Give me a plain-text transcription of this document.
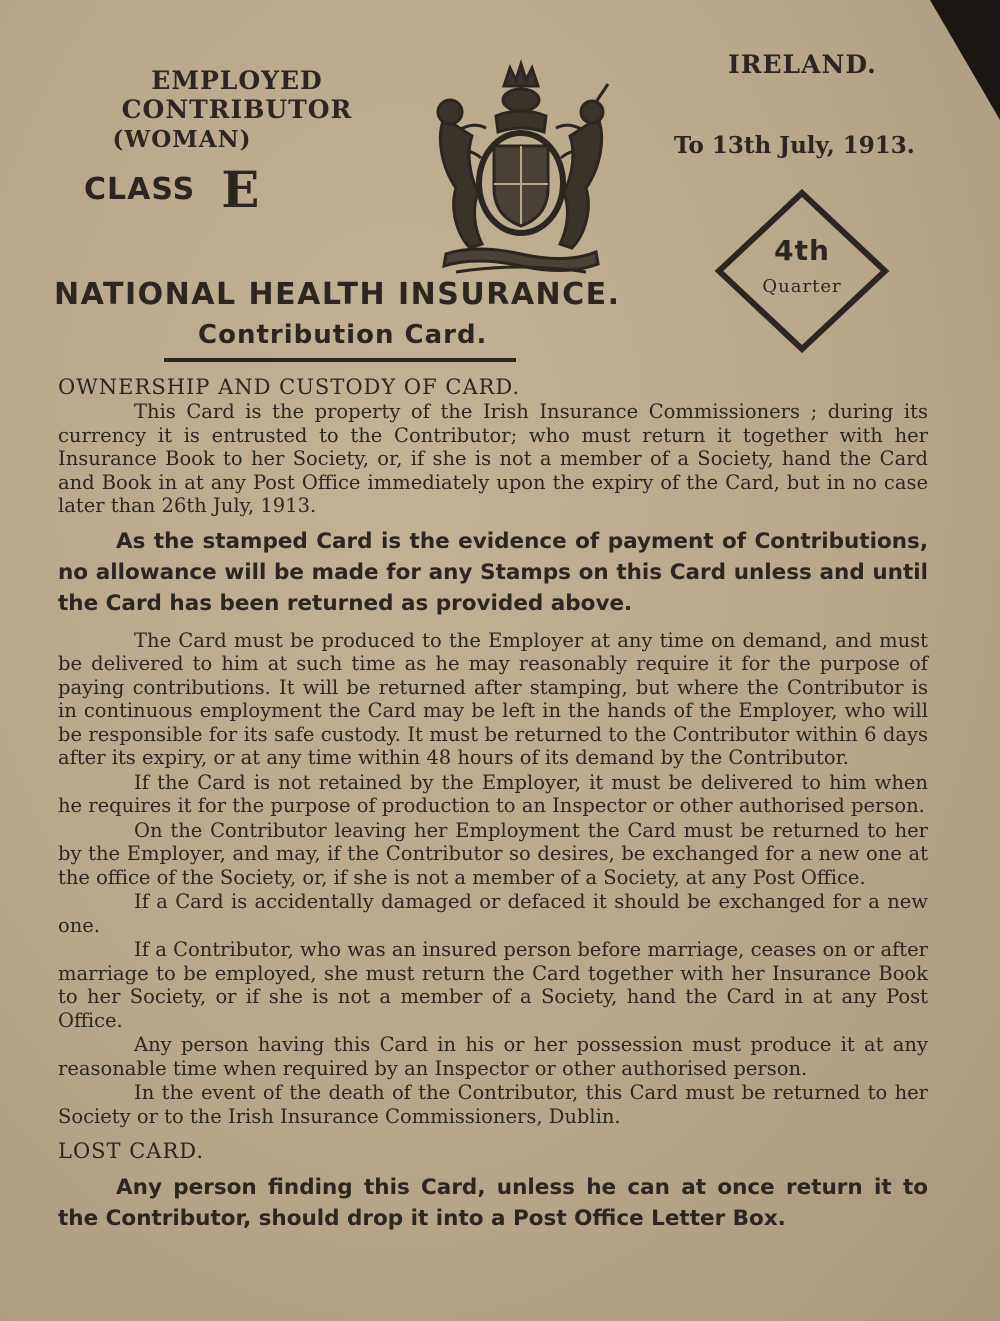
EMPLOYED CONTRIBUTOR
(WOMAN)
CLASS E
IRELAND.
To 13th July, 1913.
4th
Quarter
NATIONAL HEALTH INSURANCE.
Contribution Card.

OWNERSHIP AND CUSTODY OF CARD.

This Card is the property of the Irish Insurance Commissioners ; during its currency it is entrusted to the Contributor; who must return it together with her Insurance Book to her Society, or, if she is not a member of a Society, hand the Card and Book in at any Post Office immediately upon the expiry of the Card, but in no case later than 26th July, 1913.

As the stamped Card is the evidence of payment of Contributions, no allowance will be made for any Stamps on this Card unless and until the Card has been returned as provided above.

The Card must be produced to the Employer at any time on demand, and must be delivered to him at such time as he may reasonably require it for the purpose of paying contributions. It will be returned after stamping, but where the Contributor is in continuous employment the Card may be left in the hands of the Employer, who will be responsible for its safe custody. It must be returned to the Contributor within 6 days after its expiry, or at any time within 48 hours of its demand by the Contributor.

If the Card is not retained by the Employer, it must be delivered to him when he requires it for the purpose of production to an Inspector or other authorised person.

On the Contributor leaving her Employment the Card must be returned to her by the Employer, and may, if the Contributor so desires, be exchanged for a new one at the office of the Society, or, if she is not a member of a Society, at any Post Office.

If a Card is accidentally damaged or defaced it should be exchanged for a new one.

If a Contributor, who was an insured person before marriage, ceases on or after marriage to be employed, she must return the Card together with her Insurance Book to her Society, or if she is not a member of a Society, hand the Card in at any Post Office.

Any person having this Card in his or her possession must produce it at any reasonable time when required by an Inspector or other authorised person.

In the event of the death of the Contributor, this Card must be returned to her Society or to the Irish Insurance Commissioners, Dublin.

LOST CARD.

Any person finding this Card, unless he can at once return it to the Contributor, should drop it into a Post Office Letter Box.
